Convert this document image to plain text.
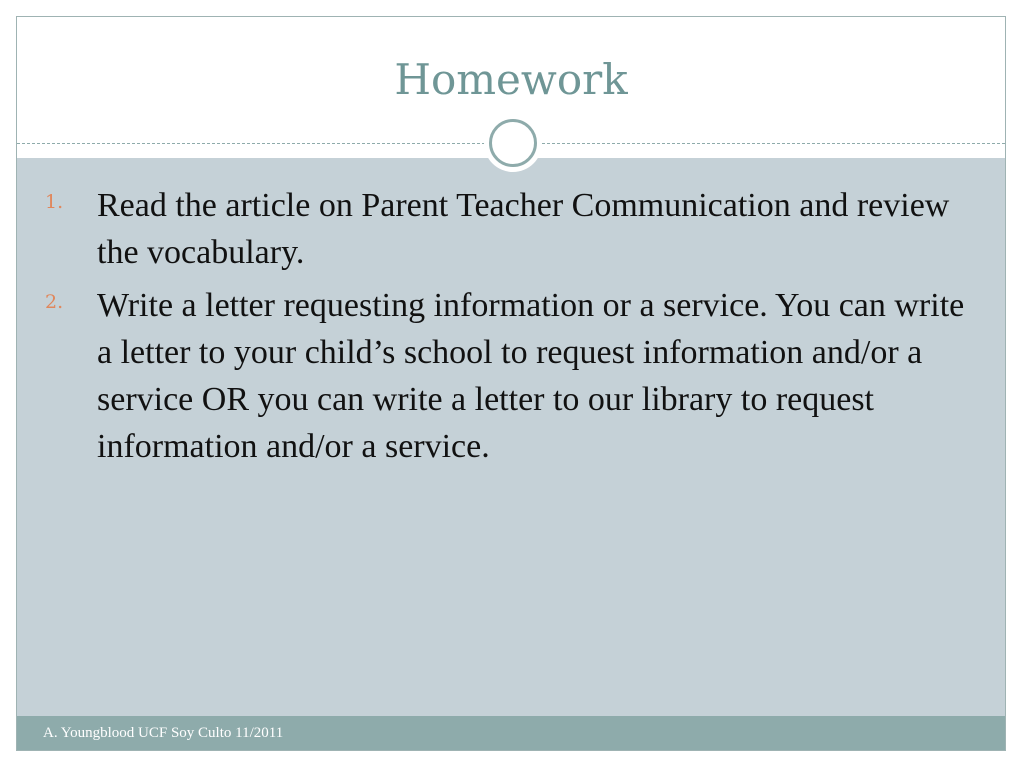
Homework
1. Read the article on Parent Teacher Communication and review the vocabulary.
2. Write a letter requesting information or a service. You can write a letter to your child’s school to request information and/or a service OR you can write a letter to our library to request information and/or a service.
A. Youngblood UCF Soy Culto 11/2011
